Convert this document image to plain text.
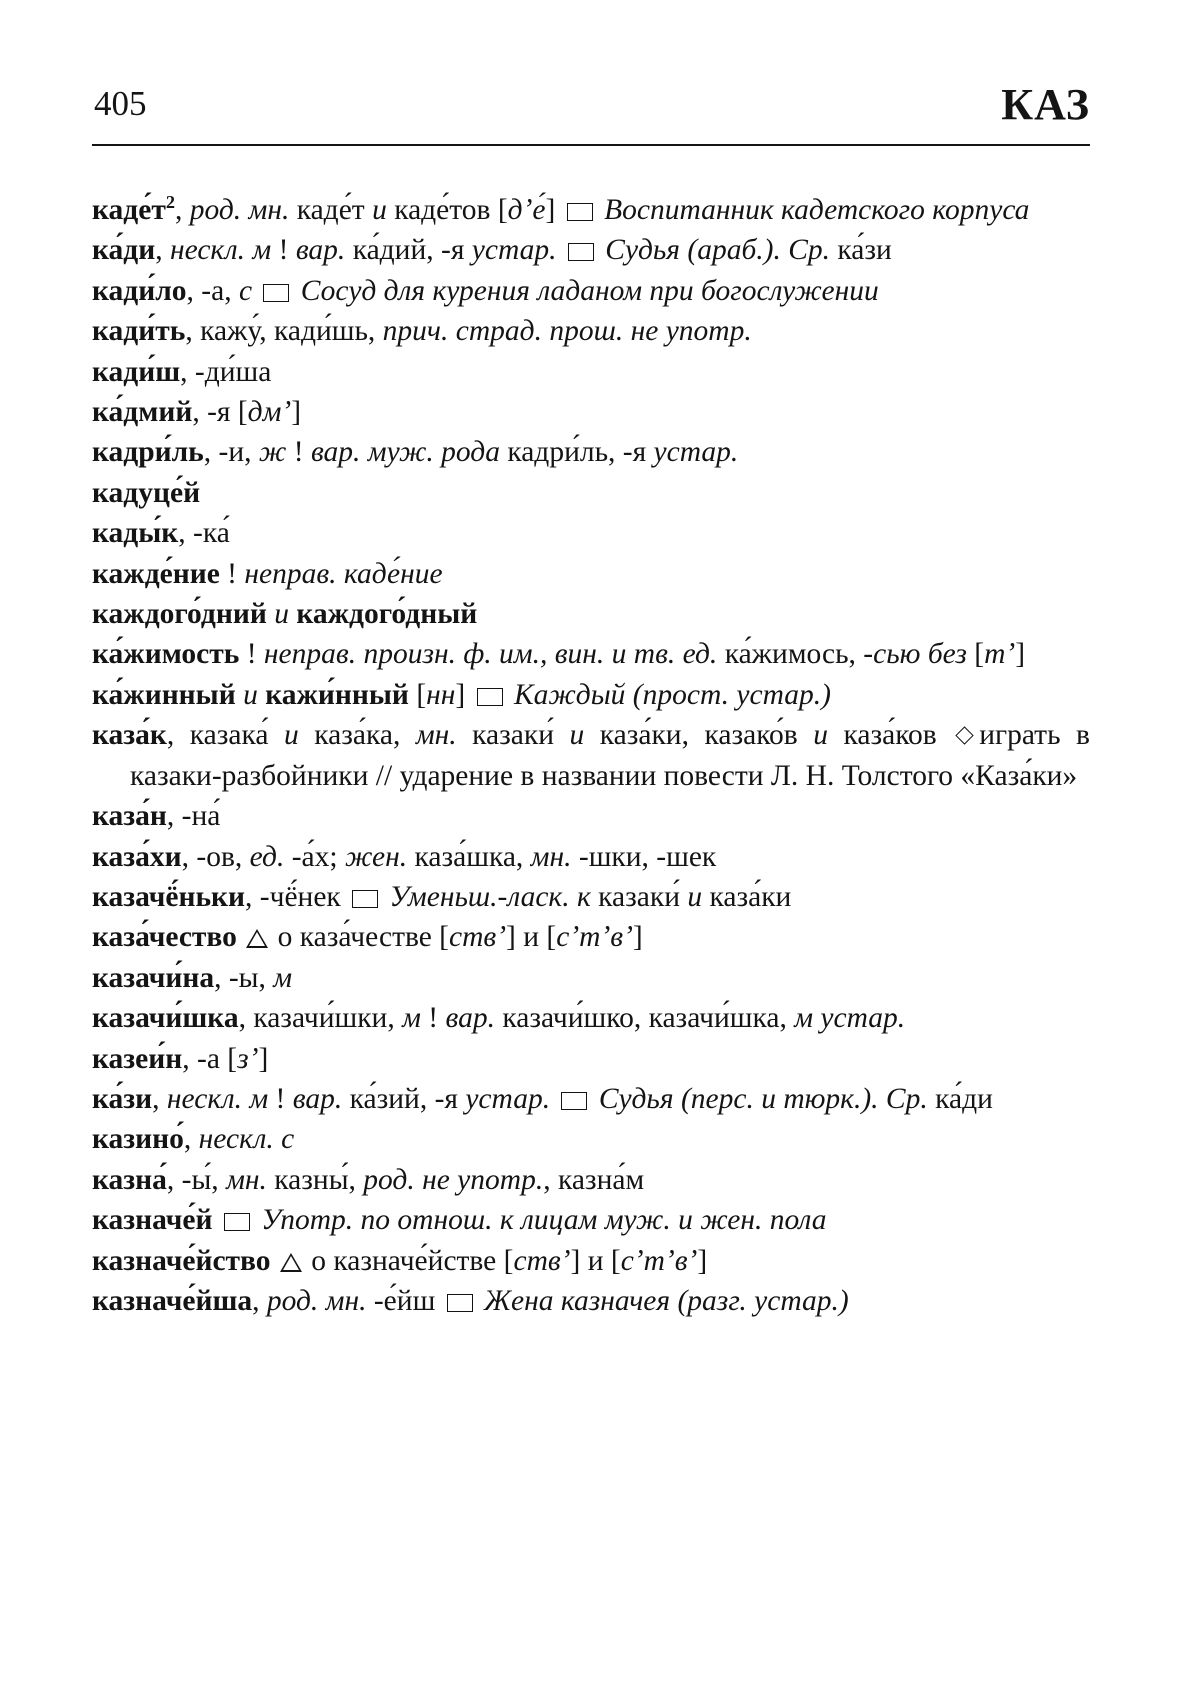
405	КАЗ

$каде́т^2$, род. мн. каде́т и каде́тов [дʼе́]  Воспитанник кадетского корпуса

ка́ди, нескл. м ! вар. ка́дий, -я устар.  Судья (араб.). Ср. ка́зи

кади́ло, -а, с  Сосуд для курения ладаном при богослужении

кади́ть, кажу́, кади́шь, прич. страд. прош. не употр.

кади́ш, -ди́ша

ка́дмий, -я [дмʼ]

кадри́ль, -и, ж ! вар. муж. рода кадри́ль, -я устар.

кадуце́й

кады́к, -ка́

кажде́ние ! неправ. каде́ние

каждого́дний и каждого́дный

ка́жимость ! неправ. произн. ф. им., вин. и тв. ед. ка́жимось, -сью без [тʼ]

ка́жинный и кажи́нный [нн]  Каждый (прост. устар.)

каза́к, казака́ и каза́ка, мн. казаки́ и каза́ки, казако́в и каза́ков играть в казаки-разбойники // ударение в названии повести Л. Н. Толстого «Каза́ки»

каза́н, -на́

каза́хи, -ов, ед. -а́х; жен. каза́шка, мн. -шки, -шек

казачё́ньки, -чё́нек  Уменьш.-ласк. к казаки́ и каза́ки

каза́чество  о каза́честве [ствʼ] и [сʼтʼвʼ]

казачи́на, -ы, м

казачи́шка, казачи́шки, м ! вар. казачи́шко, казачи́шка, м устар.

казеи́н, -а [зʼ]

ка́зи, нескл. м ! вар. ка́зий, -я устар.  Судья (перс. и тюрк.). Ср. ка́ди

казино́, нескл. с

казна́, -ы́, мн. казны́, род. не употр., казна́м

казначе́й  Употр. по отнош. к лицам муж. и жен. пола

казначе́йство  о казначе́йстве [ствʼ] и [сʼтʼвʼ]

казначе́йша, род. мн. -е́йш  Жена казначея (разг. устар.)
